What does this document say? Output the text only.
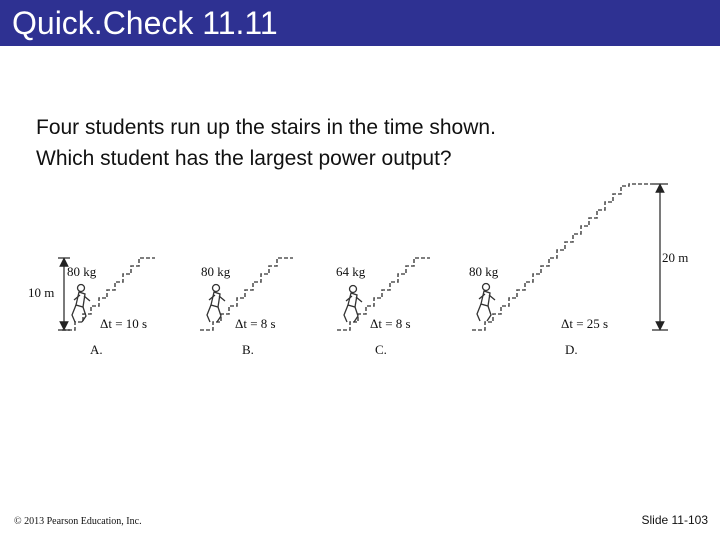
Quick.Check 11.11
Four students run up the stairs in the time shown.
Which student has the largest power output?
10 m
20 m
80 kg	80 kg	64 kg	80 kg
Δt = 10 s	Δt = 8 s	Δt = 8 s	Δt = 25 s
A.	B.	C.	D.
© 2013 Pearson Education, Inc.	Slide 11-103
